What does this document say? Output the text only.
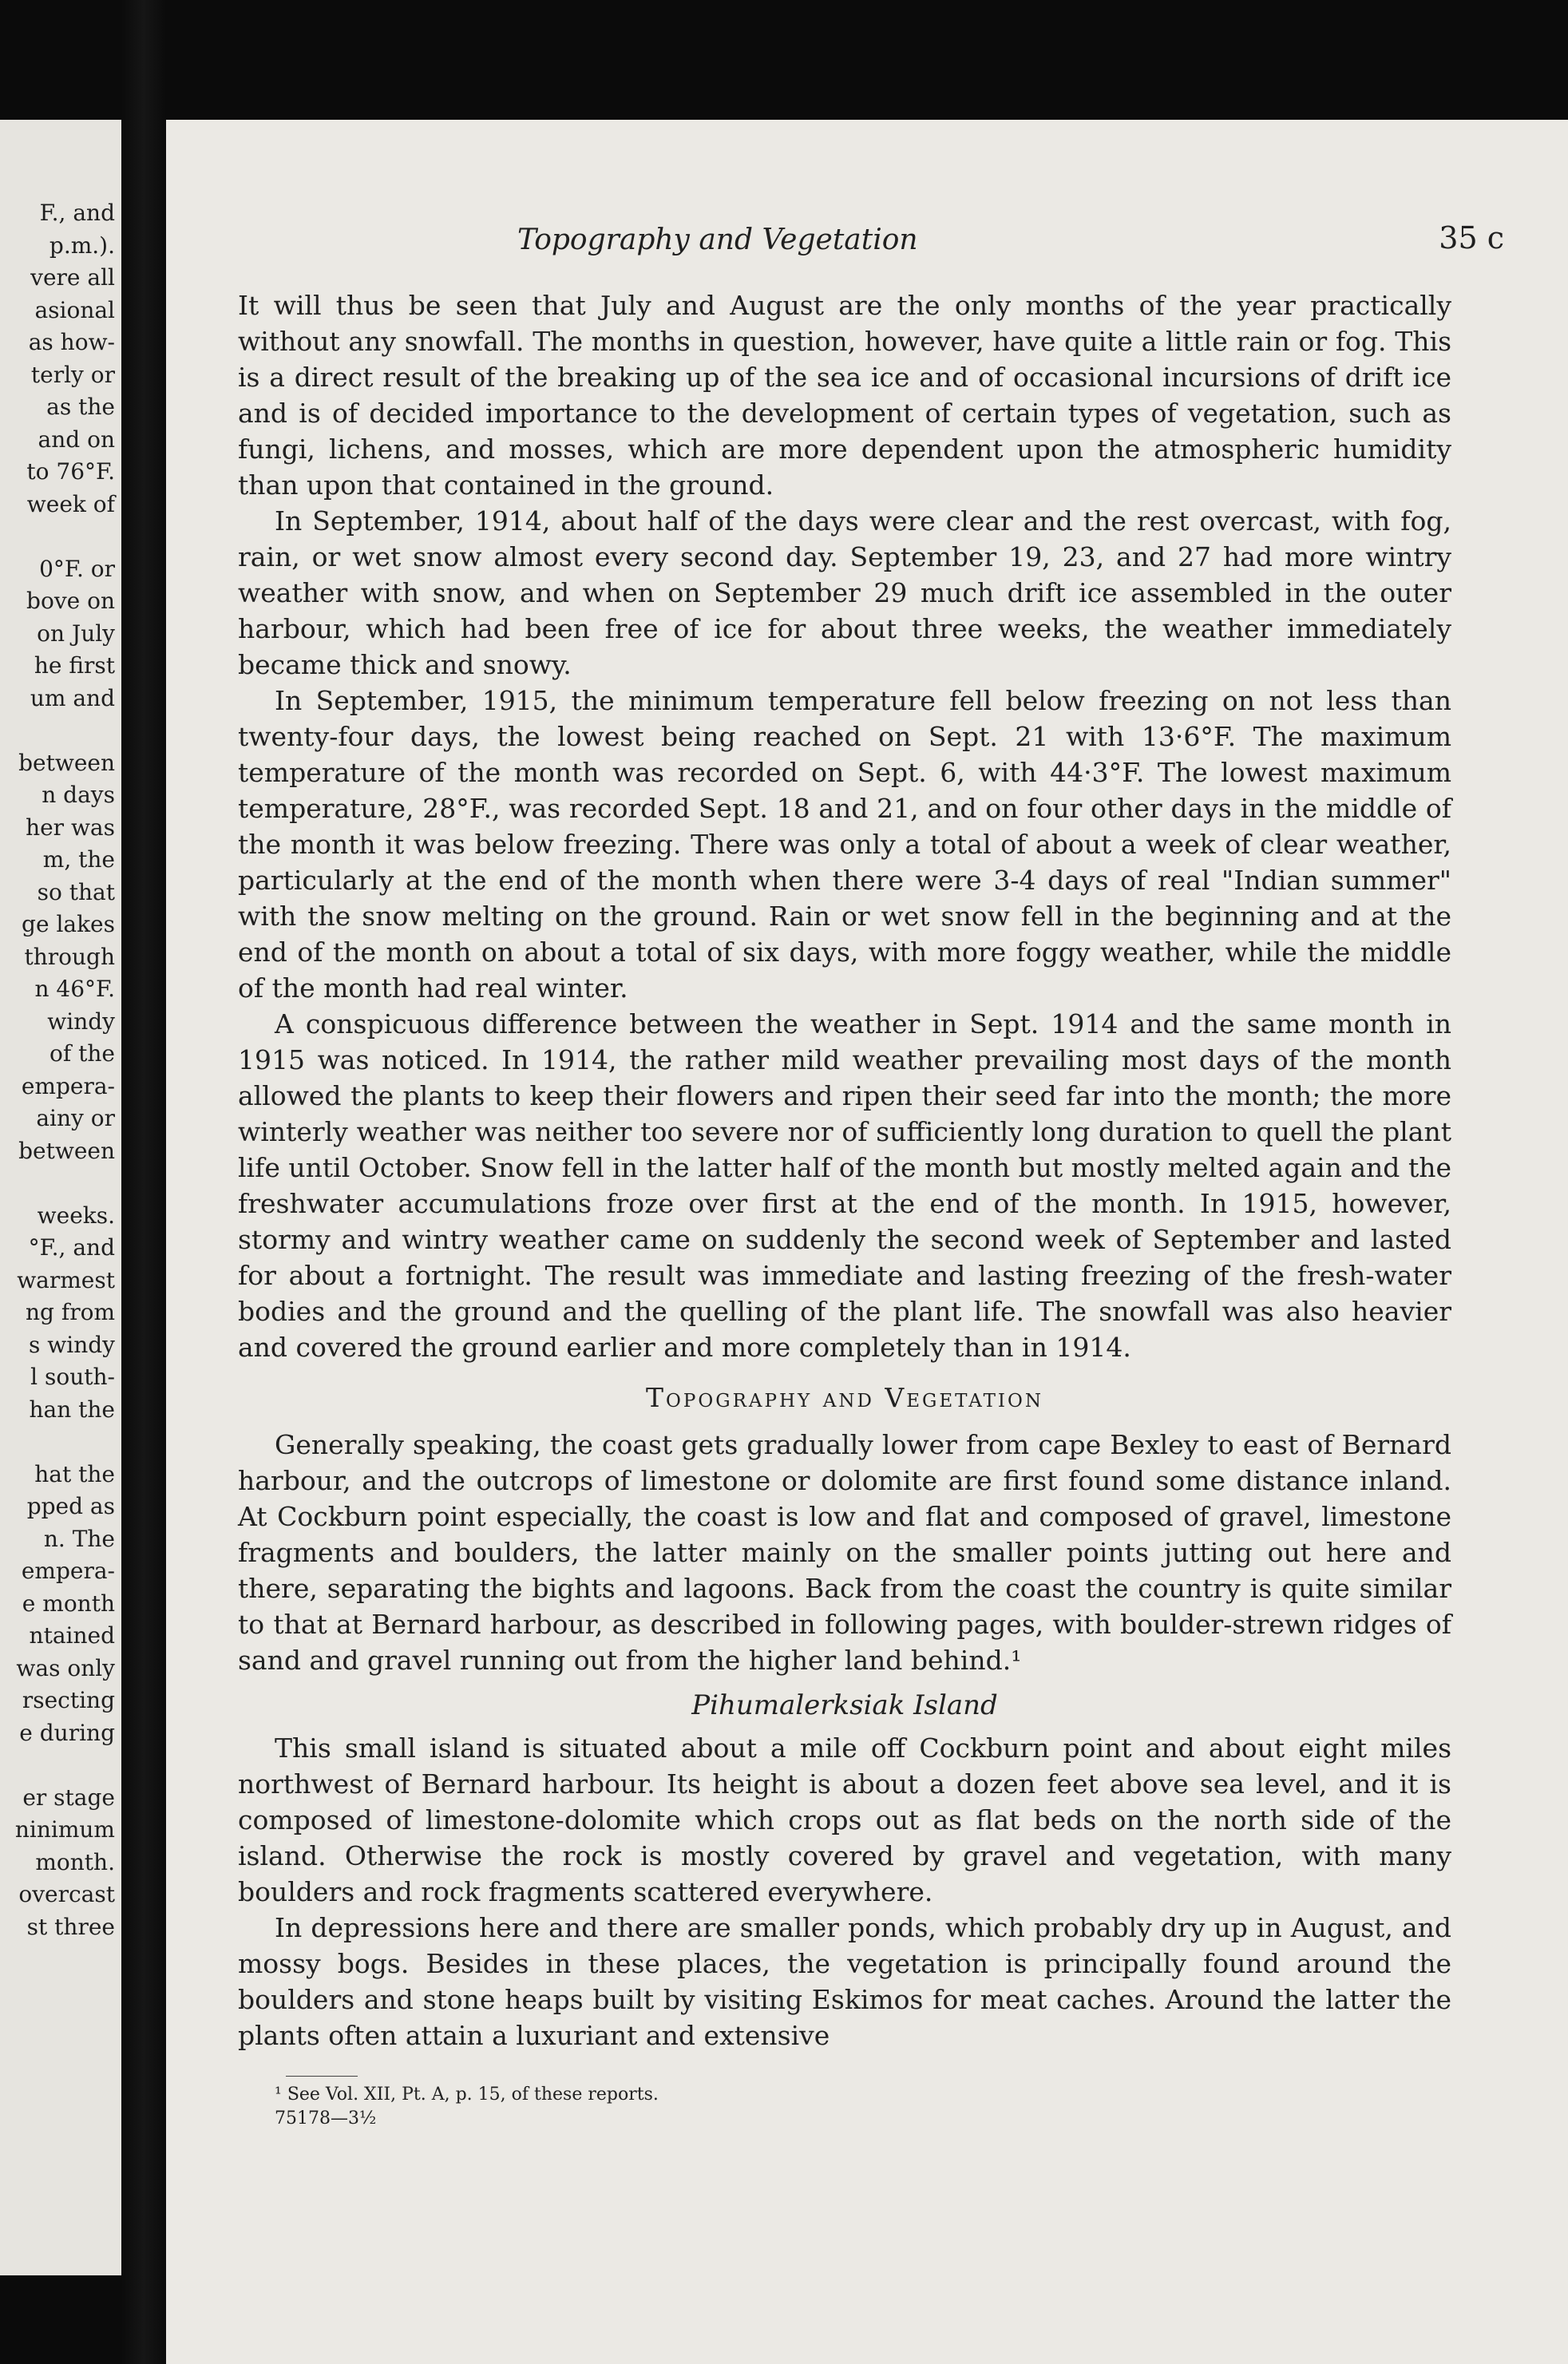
F., and
p.m.).
vere all
asional
as how-
terly or
as the
and on
to 76°F.
week of
0°F. or
bove on
on July
he first
um and
between
n days
her was
m, the
so that
ge lakes
through
n 46°F.
windy
of the
empera-
ainy or
between
weeks.
°F., and
warmest
ng from
s windy
l south-
han the
hat the
pped as
n. The
empera-
e month
ntained
was only
rsecting
e during
er stage
ninimum
month.
overcast
st three
Topography and Vegetation	35 c

It will thus be seen that July and August are the only months of the year practically without any snowfall. The months in question, however, have quite a little rain or fog. This is a direct result of the breaking up of the sea ice and of occasional incursions of drift ice and is of decided importance to the development of certain types of vegetation, such as fungi, lichens, and mosses, which are more dependent upon the atmospheric humidity than upon that contained in the ground.

In September, 1914, about half of the days were clear and the rest overcast, with fog, rain, or wet snow almost every second day. September 19, 23, and 27 had more wintry weather with snow, and when on September 29 much drift ice assembled in the outer harbour, which had been free of ice for about three weeks, the weather immediately became thick and snowy.

In September, 1915, the minimum temperature fell below freezing on not less than twenty-four days, the lowest being reached on Sept. 21 with 13·6°F. The maximum temperature of the month was recorded on Sept. 6, with 44·3°F. The lowest maximum temperature, 28°F., was recorded Sept. 18 and 21, and on four other days in the middle of the month it was below freezing. There was only a total of about a week of clear weather, particularly at the end of the month when there were 3-4 days of real "Indian summer" with the snow melting on the ground. Rain or wet snow fell in the beginning and at the end of the month on about a total of six days, with more foggy weather, while the middle of the month had real winter.

A conspicuous difference between the weather in Sept. 1914 and the same month in 1915 was noticed. In 1914, the rather mild weather prevailing most days of the month allowed the plants to keep their flowers and ripen their seed far into the month; the more winterly weather was neither too severe nor of sufficiently long duration to quell the plant life until October. Snow fell in the latter half of the month but mostly melted again and the freshwater accumulations froze over first at the end of the month. In 1915, however, stormy and wintry weather came on suddenly the second week of September and lasted for about a fortnight. The result was immediate and lasting freezing of the fresh-water bodies and the ground and the quelling of the plant life. The snowfall was also heavier and covered the ground earlier and more completely than in 1914.

Topography and Vegetation

Generally speaking, the coast gets gradually lower from cape Bexley to east of Bernard harbour, and the outcrops of limestone or dolomite are first found some distance inland. At Cockburn point especially, the coast is low and flat and composed of gravel, limestone fragments and boulders, the latter mainly on the smaller points jutting out here and there, separating the bights and lagoons. Back from the coast the country is quite similar to that at Bernard harbour, as described in following pages, with boulder-strewn ridges of sand and gravel running out from the higher land behind.¹

Pihumalerksiak Island

This small island is situated about a mile off Cockburn point and about eight miles northwest of Bernard harbour. Its height is about a dozen feet above sea level, and it is composed of limestone-dolomite which crops out as flat beds on the north side of the island. Otherwise the rock is mostly covered by gravel and vegetation, with many boulders and rock fragments scattered everywhere.

In depressions here and there are smaller ponds, which probably dry up in August, and mossy bogs. Besides in these places, the vegetation is principally found around the boulders and stone heaps built by visiting Eskimos for meat caches. Around the latter the plants often attain a luxuriant and extensive

¹ See Vol. XII, Pt. A, p. 15, of these reports.

75178—3½
